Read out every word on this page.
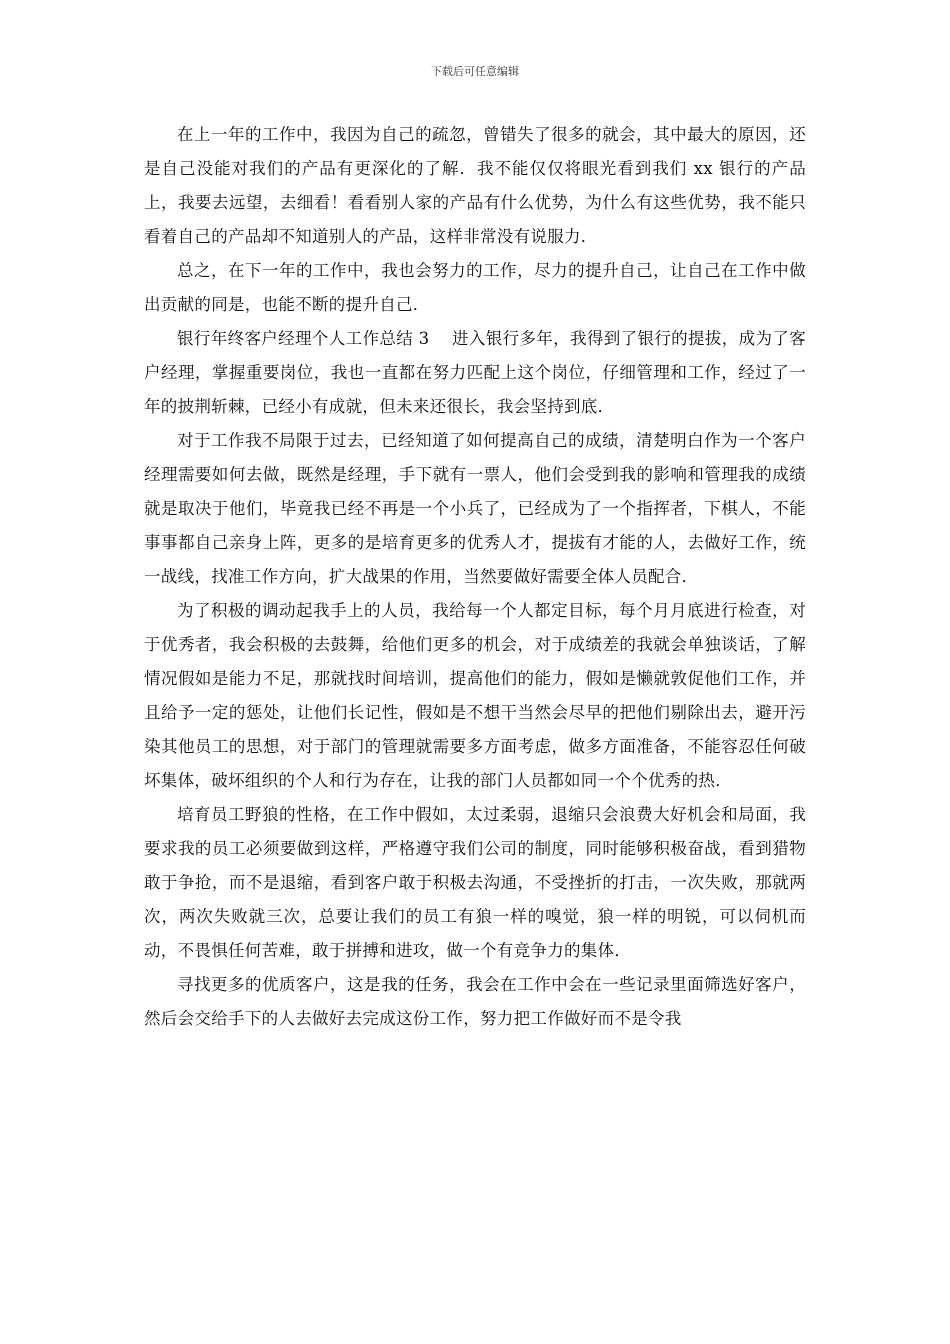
下载后可任意编辑

在上一年的工作中，我因为自己的疏忽，曾错失了很多的就会，其中最大的原因，还是自己没能对我们的产品有更深化的了解．我不能仅仅将眼光看到我们 xx 银行的产品上，我要去远望，去细看！看看别人家的产品有什么优势，为什么有这些优势，我不能只看着自己的产品却不知道别人的产品，这样非常没有说服力．

总之，在下一年的工作中，我也会努力的工作，尽力的提升自己，让自己在工作中做出贡献的同是，也能不断的提升自己．

银行年终客户经理个人工作总结 3　 进入银行多年，我得到了银行的提拔，成为了客户经理，掌握重要岗位，我也一直都在努力匹配上这个岗位，仔细管理和工作，经过了一年的披荆斩棘，已经小有成就，但未来还很长，我会坚持到底．

对于工作我不局限于过去，已经知道了如何提高自己的成绩，清楚明白作为一个客户经理需要如何去做，既然是经理，手下就有一票人，他们会受到我的影响和管理我的成绩就是取决于他们，毕竟我已经不再是一个小兵了，已经成为了一个指挥者，下棋人，不能事事都自己亲身上阵，更多的是培育更多的优秀人才，提拔有才能的人，去做好工作，统一战线，找准工作方向，扩大战果的作用，当然要做好需要全体人员配合．

为了积极的调动起我手上的人员，我给每一个人都定目标，每个月月底进行检查，对于优秀者，我会积极的去鼓舞，给他们更多的机会，对于成绩差的我就会单独谈话，了解情况假如是能力不足，那就找时间培训，提高他们的能力，假如是懒就敦促他们工作，并且给予一定的惩处，让他们长记性，假如是不想干当然会尽早的把他们剔除出去，避开污染其他员工的思想，对于部门的管理就需要多方面考虑，做多方面准备，不能容忍任何破坏集体，破坏组织的个人和行为存在，让我的部门人员都如同一个个优秀的热．

培育员工野狼的性格，在工作中假如，太过柔弱，退缩只会浪费大好机会和局面，我要求我的员工必须要做到这样，严格遵守我们公司的制度，同时能够积极奋战，看到猎物敢于争抢，而不是退缩，看到客户敢于积极去沟通，不受挫折的打击，一次失败，那就两次，两次失败就三次，总要让我们的员工有狼一样的嗅觉，狼一样的明锐，可以伺机而动，不畏惧任何苦难，敢于拼搏和进攻，做一个有竞争力的集体．

寻找更多的优质客户，这是我的任务，我会在工作中会在一些记录里面筛选好客户，然后会交给手下的人去做好去完成这份工作，努力把工作做好而不是令我
